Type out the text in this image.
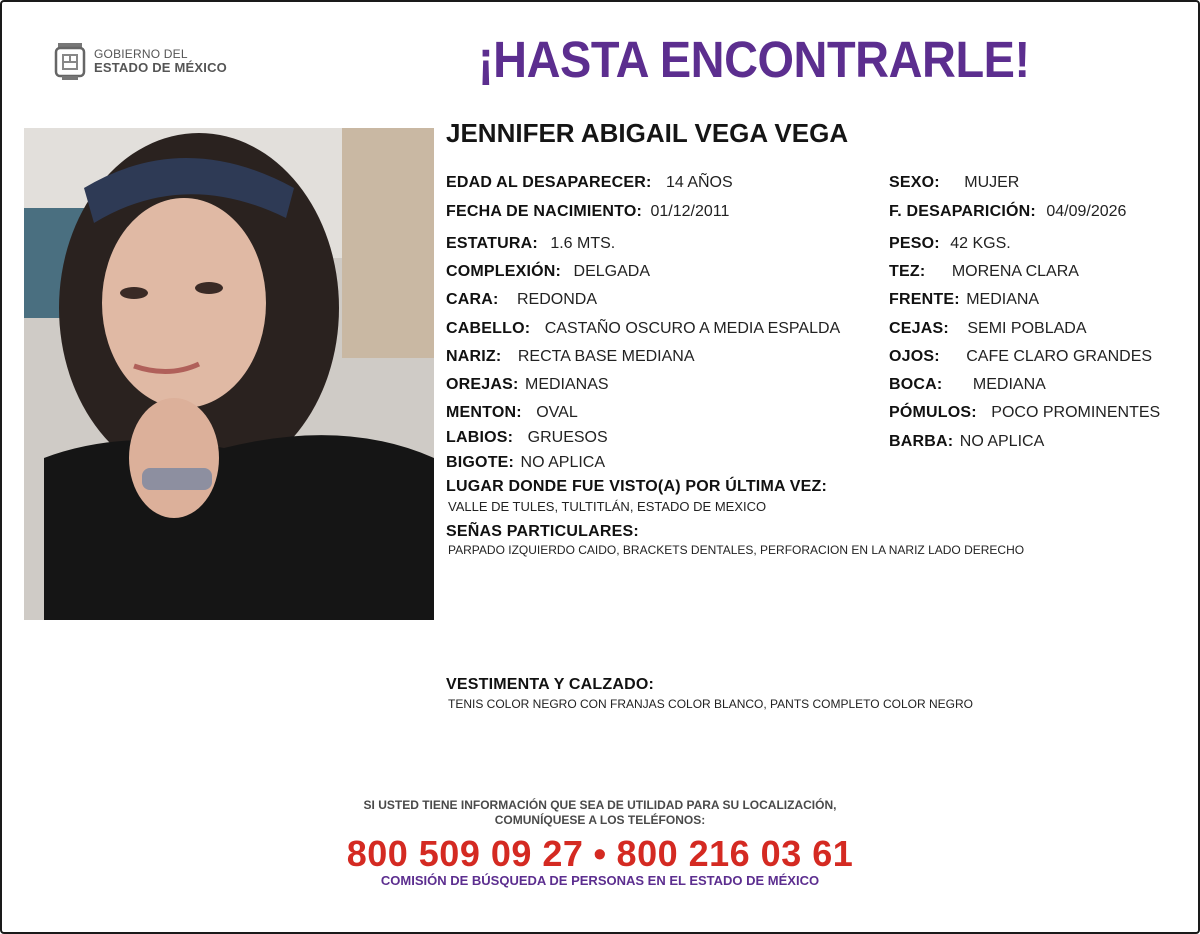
GOBIERNO DEL
ESTADO DE MÉXICO	¡HASTA ENCONTRARLE!
JENNIFER ABIGAIL VEGA VEGA
EDAD AL DESAPARECER: 14 AÑOS
FECHA DE NACIMIENTO: 01/12/2011
ESTATURA: 1.6 MTS.
COMPLEXIÓN: DELGADA
CARA: REDONDA
CABELLO: CASTAÑO OSCURO A MEDIA ESPALDA
NARIZ: RECTA BASE MEDIANA
OREJAS: MEDIANAS
MENTON: OVAL
LABIOS: GRUESOS
BIGOTE: NO APLICA
SEXO: MUJER
F. DESAPARICIÓN: 04/09/2026
PESO: 42 KGS.
TEZ: MORENA CLARA
FRENTE: MEDIANA
CEJAS: SEMI POBLADA
OJOS: CAFE CLARO GRANDES
BOCA: MEDIANA
PÓMULOS: POCO PROMINENTES
BARBA: NO APLICA
LUGAR DONDE FUE VISTO(A) POR ÚLTIMA VEZ:
VALLE DE TULES, TULTITLÁN, ESTADO DE MEXICO
SEÑAS PARTICULARES:
PARPADO IZQUIERDO CAIDO, BRACKETS DENTALES, PERFORACION EN LA NARIZ LADO DERECHO
VESTIMENTA Y CALZADO:
TENIS COLOR NEGRO CON FRANJAS COLOR BLANCO, PANTS COMPLETO COLOR NEGRO
SI USTED TIENE INFORMACIÓN QUE SEA DE UTILIDAD PARA SU LOCALIZACIÓN,
COMUNÍQUESE A LOS TELÉFONOS:
800 509 09 27 • 800 216 03 61
COMISIÓN DE BÚSQUEDA DE PERSONAS EN EL ESTADO DE MÉXICO
